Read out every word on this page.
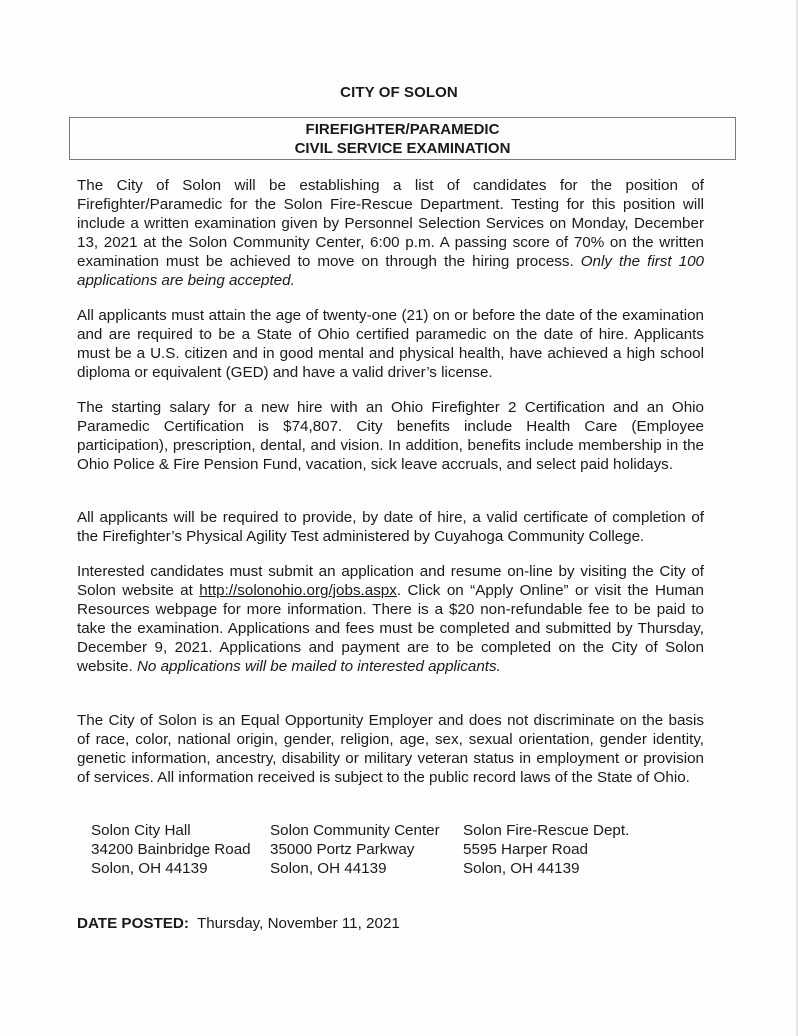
CITY OF SOLON
FIREFIGHTER/PARAMEDIC
CIVIL SERVICE EXAMINATION
The City of Solon will be establishing a list of candidates for the position of Firefighter/Paramedic for the Solon Fire-Rescue Department. Testing for this position will include a written examination given by Personnel Selection Services on Monday, December 13, 2021 at the Solon Community Center, 6:00 p.m. A passing score of 70% on the written examination must be achieved to move on through the hiring process. Only the first 100 applications are being accepted.
All applicants must attain the age of twenty-one (21) on or before the date of the examination and are required to be a State of Ohio certified paramedic on the date of hire. Applicants must be a U.S. citizen and in good mental and physical health, have achieved a high school diploma or equivalent (GED) and have a valid driver’s license.
The starting salary for a new hire with an Ohio Firefighter 2 Certification and an Ohio Paramedic Certification is $74,807. City benefits include Health Care (Employee participation), prescription, dental, and vision. In addition, benefits include membership in the Ohio Police & Fire Pension Fund, vacation, sick leave accruals, and select paid holidays.
All applicants will be required to provide, by date of hire, a valid certificate of completion of the Firefighter’s Physical Agility Test administered by Cuyahoga Community College.
Interested candidates must submit an application and resume on-line by visiting the City of Solon website at http://solonohio.org/jobs.aspx. Click on “Apply Online” or visit the Human Resources webpage for more information. There is a $20 non-refundable fee to be paid to take the examination. Applications and fees must be completed and submitted by Thursday, December 9, 2021. Applications and payment are to be completed on the City of Solon website. No applications will be mailed to interested applicants.
The City of Solon is an Equal Opportunity Employer and does not discriminate on the basis of race, color, national origin, gender, religion, age, sex, sexual orientation, gender identity, genetic information, ancestry, disability or military veteran status in employment or provision of services. All information received is subject to the public record laws of the State of Ohio.
Solon City Hall
34200 Bainbridge Road
Solon, OH 44139
Solon Community Center
35000 Portz Parkway
Solon, OH 44139
Solon Fire-Rescue Dept.
5595 Harper Road
Solon, OH 44139
DATE POSTED: Thursday, November 11, 2021
